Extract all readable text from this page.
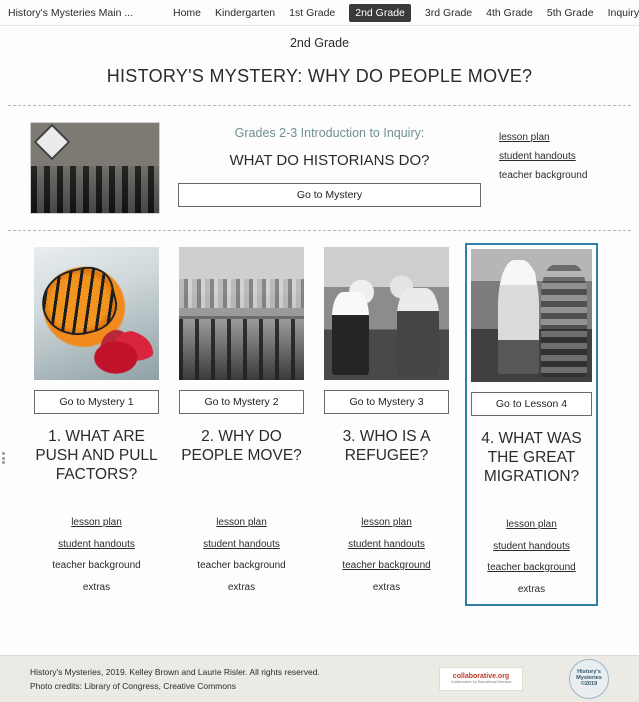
History's Mysteries Main ...	Home Kindergarten 1st Grade	2nd Grade	3rd Grade 4th Grade 5th Grade Inquiry
2nd Grade
HISTORY'S MYSTERY: WHY DO PEOPLE MOVE?
Grades 2-3 Introduction to Inquiry:
WHAT DO HISTORIANS DO?
Go to Mystery
lesson plan
student handouts
teacher background
Go to Mystery 1
1. WHAT ARE PUSH AND PULL FACTORS?
lesson plan
student handouts
teacher background
extras
Go to Mystery 2
2. WHY DO PEOPLE MOVE?
lesson plan
student handouts
teacher background
extras
Go to Mystery 3
3. WHO IS A REFUGEE?
lesson plan
student handouts
teacher background
extras
Go to Lesson 4
4. WHAT WAS THE GREAT MIGRATION?
lesson plan
student handouts
teacher background
extras
History's Mysteries, 2019. Kelley Brown and Laurie Risler. All rights reserved.
Photo credits: Library of Congress, Creative Commons
collaborative.org
Collaborative for Educational Services
History's
Mysteries
©2019
